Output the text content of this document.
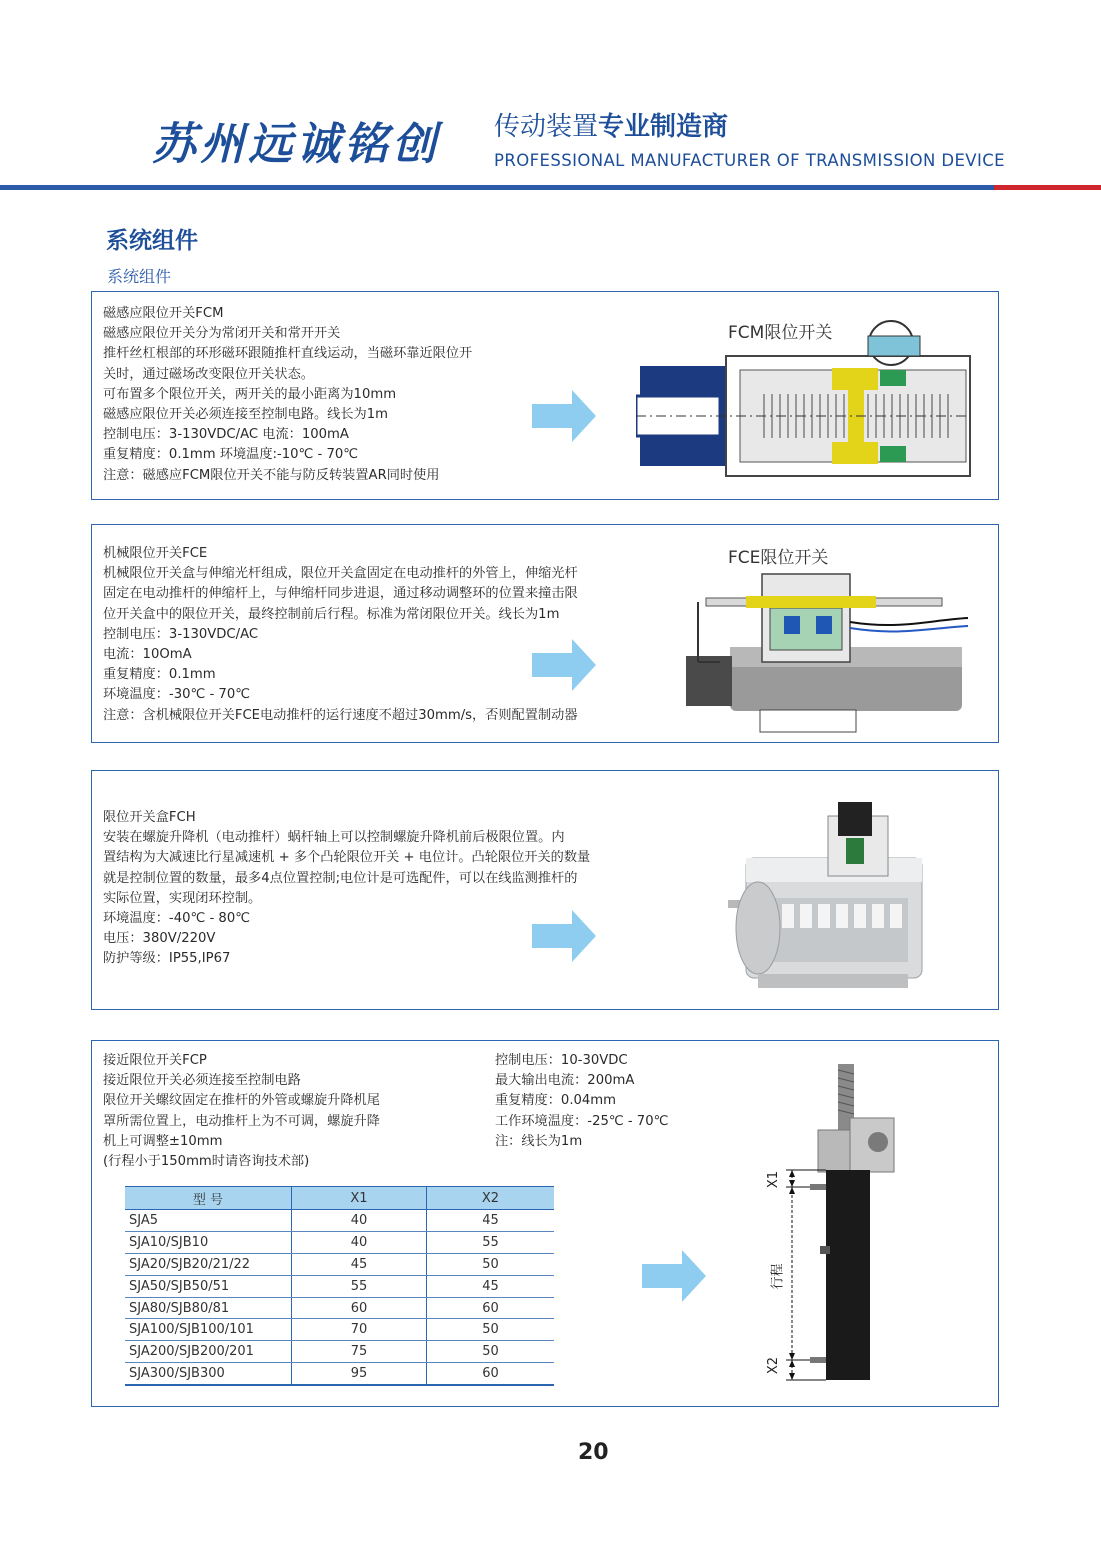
苏州远诚铭创 传动装置专业制造商
PROFESSIONAL MANUFACTURER OF TRANSMISSION DEVICE
系统组件
系统组件
磁感应限位开关FCM
磁感应限位开关分为常闭开关和常开开关
推杆丝杠根部的环形磁环跟随推杆直线运动，当磁环靠近限位开
关时，通过磁场改变限位开关状态。
可布置多个限位开关，两开关的最小距离为10mm
磁感应限位开关必须连接至控制电路。线长为1m
控制电压：3-130VDC/AC 电流：100mA
重复精度：0.1mm 环境温度:-10℃ - 70℃
注意：磁感应FCM限位开关不能与防反转装置AR同时使用
FCM限位开关
机械限位开关FCE
机械限位开关盒与伸缩光杆组成，限位开关盒固定在电动推杆的外管上，伸缩光杆
固定在电动推杆的伸缩杆上，与伸缩杆同步进退，通过移动调整环的位置来撞击限
位开关盒中的限位开关，最终控制前后行程。标准为常闭限位开关。线长为1m
控制电压：3-130VDC/AC
电流：10OmA
重复精度：0.1mm
环境温度：-30℃ - 70℃
注意：含机械限位开关FCE电动推杆的运行速度不超过30mm/s，否则配置制动器
FCE限位开关
限位开关盒FCH
安装在螺旋升降机（电动推杆）蜗杆轴上可以控制螺旋升降机前后极限位置。内
置结构为大减速比行星减速机 + 多个凸轮限位开关 + 电位计。凸轮限位开关的数量
就是控制位置的数量，最多4点位置控制;电位计是可选配件，可以在线监测推杆的
实际位置，实现闭环控制。
环境温度：-40℃ - 80℃
电压：380V/220V
防护等级：IP55,IP67
接近限位开关FCP
接近限位开关必须连接至控制电路
限位开关螺纹固定在推杆的外管或螺旋升降机尾
罩所需位置上，电动推杆上为不可调，螺旋升降
机上可调整±10mm
(行程小于150mm时请咨询技术部)
控制电压：10-30VDC
最大输出电流：200mA
重复精度：0.04mm
工作环境温度：-25℃ - 70℃
注：线长为1m
型 号	X1	X2
SJA5	40	45
SJA10/SJB10	40	55
SJA20/SJB20/21/22	45	50
SJA50/SJB50/51	55	45
SJA80/SJB80/81	60	60
SJA100/SJB100/101	70	50
SJA200/SJB200/201	75	50
SJA300/SJB300	95	60
X1
行程
X2
20
